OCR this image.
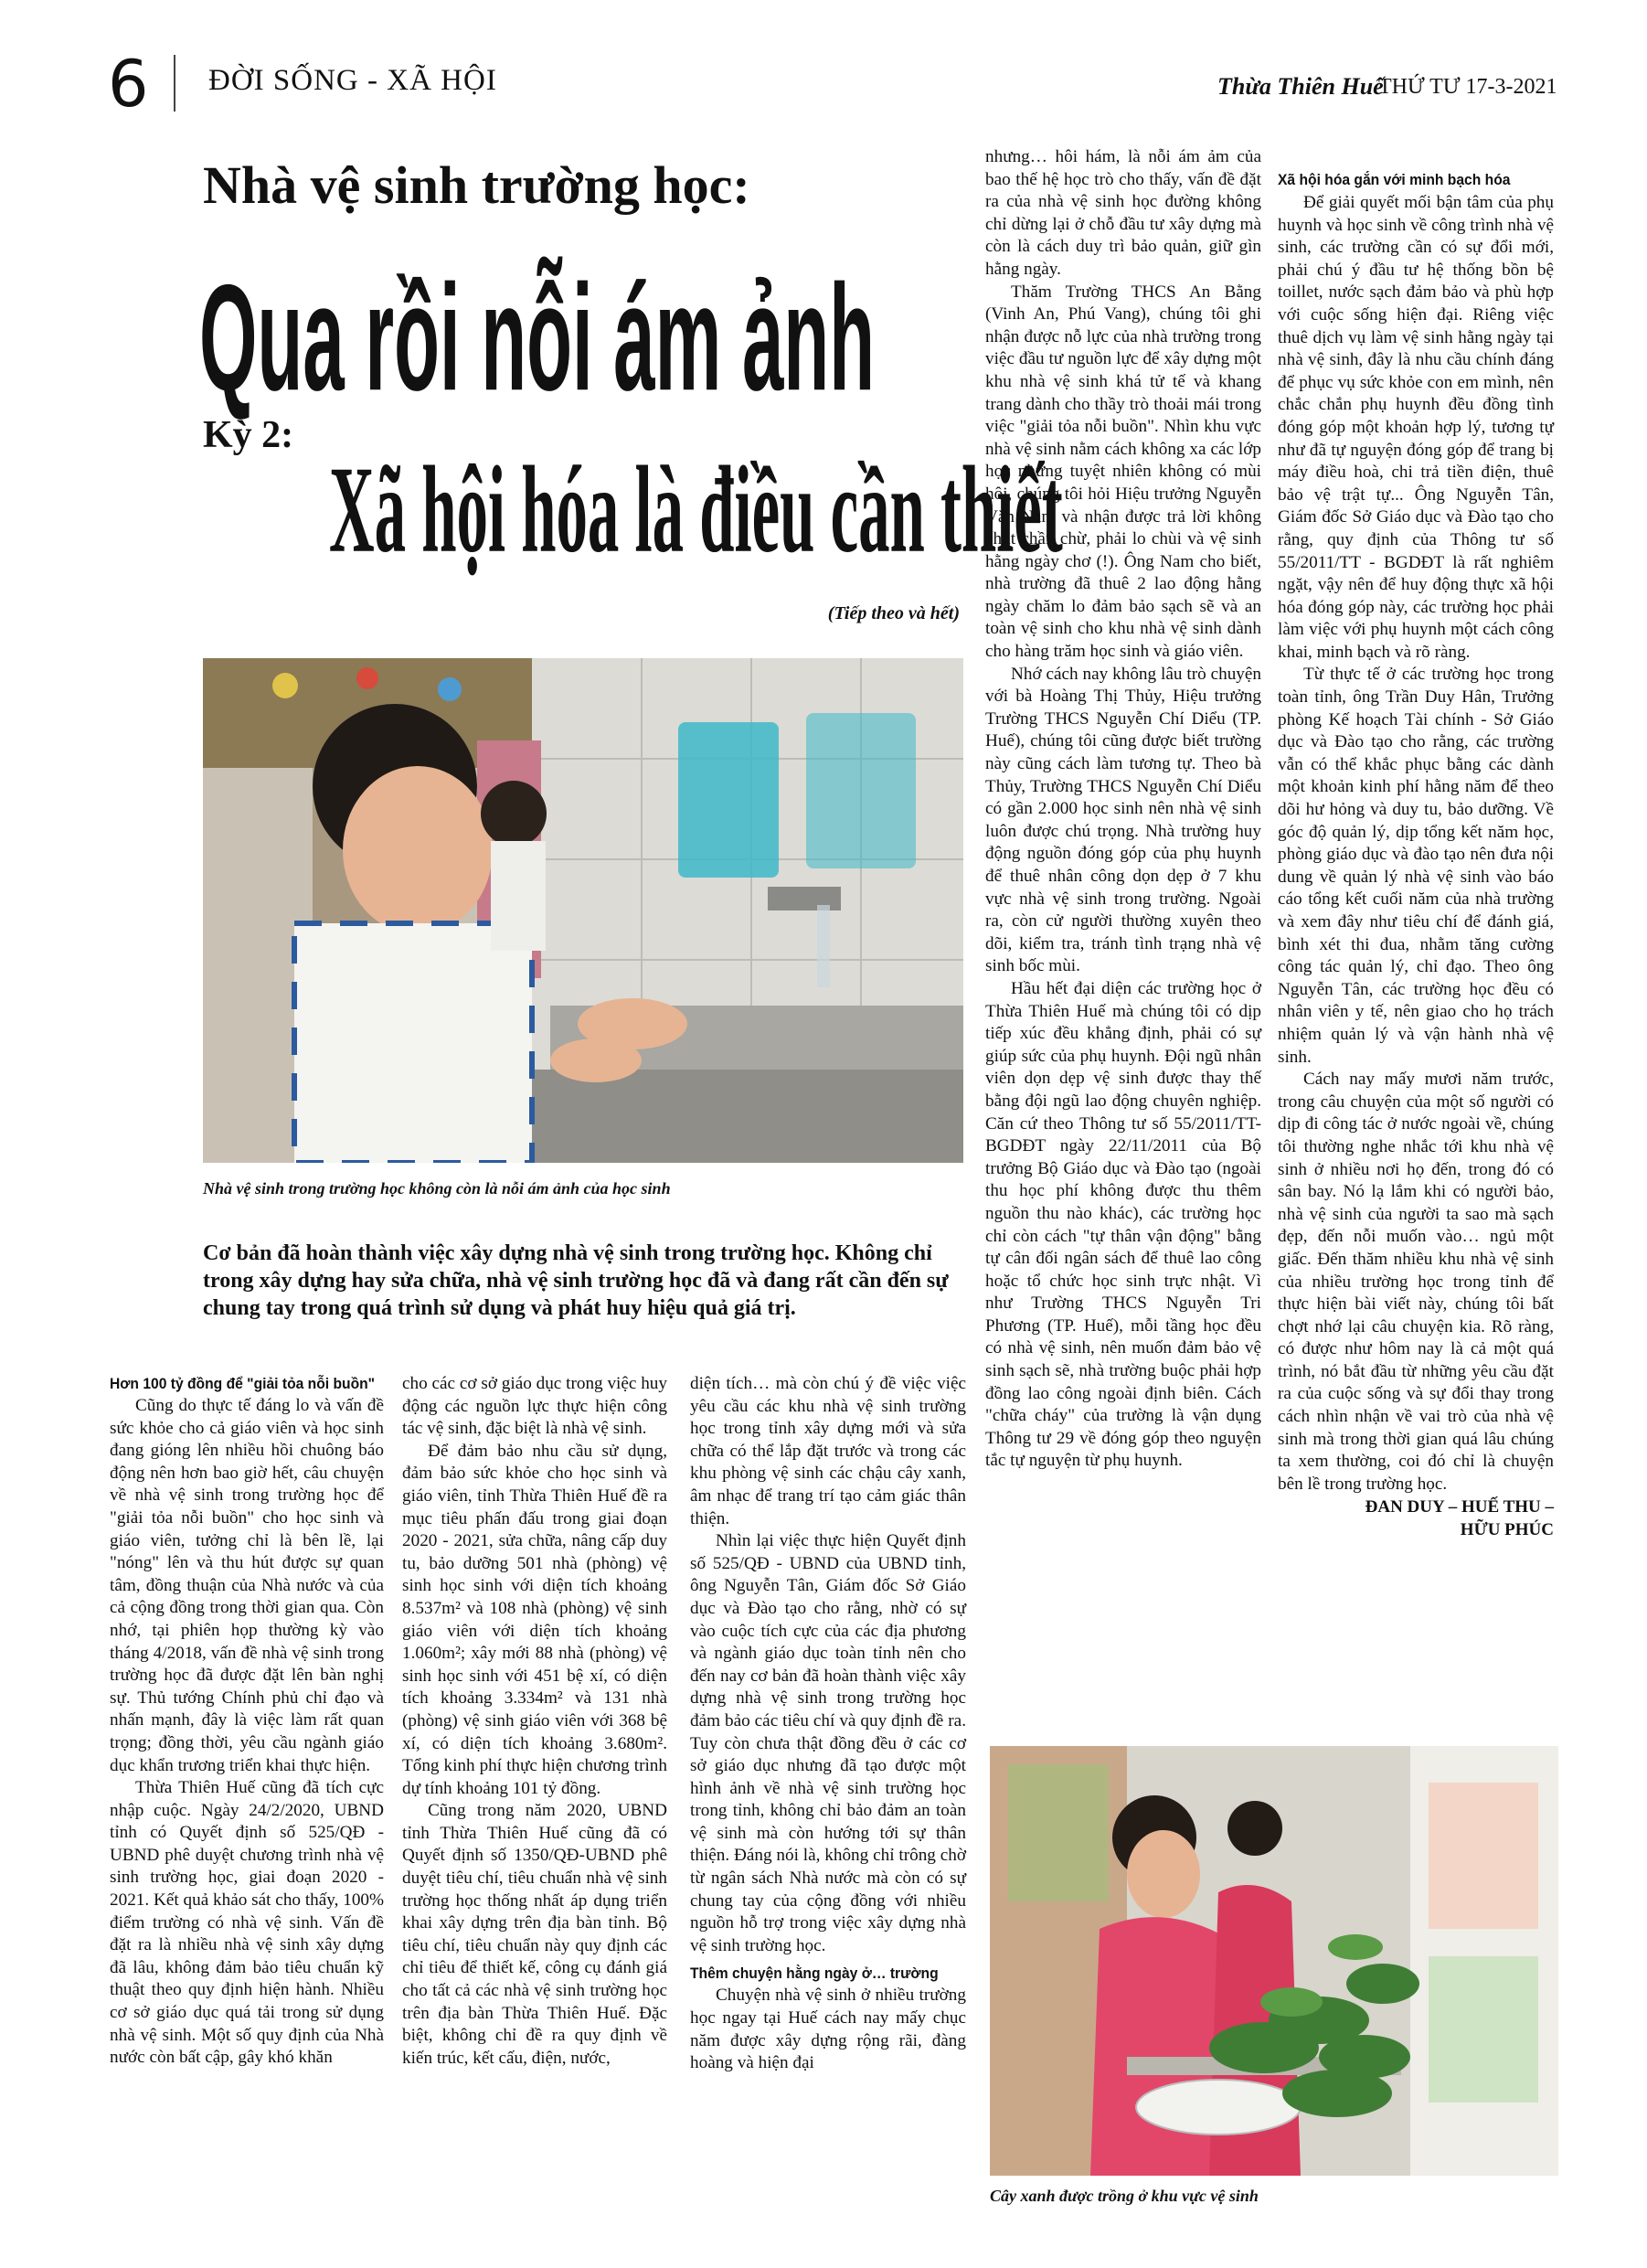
6 ĐỜI SỐNG - XÃ HỘI	Thừa Thiên Huế
THỨ TƯ 17-3-2021
Nhà vệ sinh trường học:
Qua rồi nỗi ám ảnh
Kỳ 2:
Xã hội hóa là điều cần thiết
(Tiếp theo và hết)
Nhà vệ sinh trong trường học không còn là nỗi ám ảnh của học sinh
Cơ bản đã hoàn thành việc xây dựng nhà vệ sinh trong trường học. Không chỉ trong xây dựng hay sửa chữa, nhà vệ sinh trường học đã và đang rất cần đến sự chung tay trong quá trình sử dụng và phát huy hiệu quả giá trị.
Hơn 100 tỷ đồng để "giải tỏa nỗi buồn"

Cũng do thực tế đáng lo và vấn đề sức khỏe cho cả giáo viên và học sinh đang gióng lên nhiều hồi chuông báo động nên hơn bao giờ hết, câu chuyện về nhà vệ sinh trong trường học để "giải tỏa nỗi buồn" cho học sinh và giáo viên, tưởng chỉ là bên lề, lại "nóng" lên và thu hút được sự quan tâm, đồng thuận của Nhà nước và của cả cộng đồng trong thời gian qua. Còn nhớ, tại phiên họp thường kỳ vào tháng 4/2018, vấn đề nhà vệ sinh trong trường học đã được đặt lên bàn nghị sự. Thủ tướng Chính phủ chỉ đạo và nhấn mạnh, đây là việc làm rất quan trọng; đồng thời, yêu cầu ngành giáo dục khẩn trương triển khai thực hiện.

Thừa Thiên Huế cũng đã tích cực nhập cuộc. Ngày 24/2/2020, UBND tỉnh có Quyết định số 525/QĐ - UBND phê duyệt chương trình nhà vệ sinh trường học, giai đoạn 2020 - 2021. Kết quả khảo sát cho thấy, 100% điểm trường có nhà vệ sinh. Vấn đề đặt ra là nhiều nhà vệ sinh xây dựng đã lâu, không đảm bảo tiêu chuẩn kỹ thuật theo quy định hiện hành. Nhiều cơ sở giáo dục quá tải trong sử dụng nhà vệ sinh. Một số quy định của Nhà nước còn bất cập, gây khó khăn

cho các cơ sở giáo dục trong việc huy động các nguồn lực thực hiện công tác vệ sinh, đặc biệt là nhà vệ sinh.

Để đảm bảo nhu cầu sử dụng, đảm bảo sức khỏe cho học sinh và giáo viên, tỉnh Thừa Thiên Huế đề ra mục tiêu phấn đấu trong giai đoạn 2020 - 2021, sửa chữa, nâng cấp duy tu, bảo dưỡng 501 nhà (phòng) vệ sinh học sinh với diện tích khoảng 8.537m² và 108 nhà (phòng) vệ sinh giáo viên với diện tích khoảng 1.060m²; xây mới 88 nhà (phòng) vệ sinh học sinh với 451 bệ xí, có diện tích khoảng 3.334m² và 131 nhà (phòng) vệ sinh giáo viên với 368 bệ xí, có diện tích khoảng 3.680m². Tổng kinh phí thực hiện chương trình dự tính khoảng 101 tỷ đồng.

Cũng trong năm 2020, UBND tỉnh Thừa Thiên Huế cũng đã có Quyết định số 1350/QĐ-UBND phê duyệt tiêu chí, tiêu chuẩn nhà vệ sinh trường học thống nhất áp dụng triển khai xây dựng trên địa bàn tỉnh. Bộ tiêu chí, tiêu chuẩn này quy định các chỉ tiêu để thiết kế, công cụ đánh giá cho tất cả các nhà vệ sinh trường học trên địa bàn Thừa Thiên Huế. Đặc biệt, không chỉ đề ra quy định về kiến trúc, kết cấu, điện, nước,

diện tích… mà còn chú ý đề việc việc yêu cầu các khu nhà vệ sinh trường học trong tỉnh xây dựng mới và sửa chữa có thể lắp đặt trước và trong các khu phòng vệ sinh các chậu cây xanh, âm nhạc để trang trí tạo cảm giác thân thiện.

Nhìn lại việc thực hiện Quyết định số 525/QĐ - UBND của UBND tỉnh, ông Nguyễn Tân, Giám đốc Sở Giáo dục và Đào tạo cho rằng, nhờ có sự vào cuộc tích cực của các địa phương và ngành giáo dục toàn tỉnh nên cho đến nay cơ bản đã hoàn thành việc xây dựng nhà vệ sinh trong trường học đảm bảo các tiêu chí và quy định đề ra. Tuy còn chưa thật đồng đều ở các cơ sở giáo dục nhưng đã tạo được một hình ảnh về nhà vệ sinh trường học trong tỉnh, không chỉ bảo đảm an toàn vệ sinh mà còn hướng tới sự thân thiện. Đáng nói là, không chỉ trông chờ từ ngân sách Nhà nước mà còn có sự chung tay của cộng đồng với nhiều nguồn hỗ trợ trong việc xây dựng nhà vệ sinh trường học.

Thêm chuyện hằng ngày ở… trường

Chuyện nhà vệ sinh ở nhiều trường học ngay tại Huế cách nay mấy chục năm được xây dựng rộng rãi, đàng hoàng và hiện đại

nhưng… hôi hám, là nỗi ám ảm của bao thế hệ học trò cho thấy, vấn đề đặt ra của nhà vệ sinh học đường không chỉ dừng lại ở chỗ đầu tư xây dựng mà còn là cách duy trì bảo quản, giữ gìn hằng ngày.

Thăm Trường THCS An Bằng (Vinh An, Phú Vang), chúng tôi ghi nhận được nỗ lực của nhà trường trong việc đầu tư nguồn lực để xây dựng một khu nhà vệ sinh khá tử tế và khang trang dành cho thầy trò thoải mái trong việc "giải tỏa nỗi buồn". Nhìn khu vực nhà vệ sinh nằm cách không xa các lớp học nhưng tuyệt nhiên không có mùi hôi, chúng tôi hỏi Hiệu trưởng Nguyễn Văn Nam và nhận được trả lời không chút chần chừ, phải lo chùi và vệ sinh hằng ngày chơ (!). Ông Nam cho biết, nhà trường đã thuê 2 lao động hằng ngày chăm lo đảm bảo sạch sẽ và an toàn vệ sinh cho khu nhà vệ sinh dành cho hàng trăm học sinh và giáo viên.

Nhớ cách nay không lâu trò chuyện với bà Hoàng Thị Thủy, Hiệu trưởng Trường THCS Nguyễn Chí Diểu (TP. Huế), chúng tôi cũng được biết trường này cũng cách làm tương tự. Theo bà Thủy, Trường THCS Nguyễn Chí Diểu có gần 2.000 học sinh nên nhà vệ sinh luôn được chú trọng. Nhà trường huy động nguồn đóng góp của phụ huynh để thuê nhân công dọn dẹp ở 7 khu vực nhà vệ sinh trong trường. Ngoài ra, còn cử người thường xuyên theo dõi, kiểm tra, tránh tình trạng nhà vệ sinh bốc mùi.

Hầu hết đại diện các trường học ở Thừa Thiên Huế mà chúng tôi có dịp tiếp xúc đều khẳng định, phải có sự giúp sức của phụ huynh. Đội ngũ nhân viên dọn dẹp vệ sinh được thay thế bằng đội ngũ lao động chuyên nghiệp. Căn cứ theo Thông tư số 55/2011/TT-BGDĐT ngày 22/11/2011 của Bộ trưởng Bộ Giáo dục và Đào tạo (ngoài thu học phí không được thu thêm nguồn thu nào khác), các trường học chỉ còn cách "tự thân vận động" bằng tự cân đối ngân sách để thuê lao công hoặc tổ chức học sinh trực nhật. Vì như Trường THCS Nguyễn Tri Phương (TP. Huế), mỗi tầng học đều có nhà vệ sinh, nên muốn đảm bảo vệ sinh sạch sẽ, nhà trường buộc phải hợp đồng lao công ngoài định biên. Cách "chữa cháy" của trường là vận dụng Thông tư 29 về đóng góp theo nguyện tắc tự nguyện từ phụ huynh.

Xã hội hóa gắn với minh bạch hóa

Để giải quyết mối bận tâm của phụ huynh và học sinh về công trình nhà vệ sinh, các trường cần có sự đổi mới, phải chú ý đầu tư hệ thống bồn bệ toillet, nước sạch đảm bảo và phù hợp với cuộc sống hiện đại. Riêng việc thuê dịch vụ làm vệ sinh hằng ngày tại nhà vệ sinh, đây là nhu cầu chính đáng để phục vụ sức khỏe con em mình, nên chắc chắn phụ huynh đều đồng tình đóng góp một khoản hợp lý, tương tự như đã tự nguyện đóng góp để trang bị máy điều hoà, chi trả tiền điện, thuê bảo vệ trật tự... Ông Nguyễn Tân, Giám đốc Sở Giáo dục và Đào tạo cho rằng, quy định của Thông tư số 55/2011/TT - BGDĐT là rất nghiêm ngặt, vậy nên để huy động thực xã hội hóa đóng góp này, các trường học phải làm việc với phụ huynh một cách công khai, minh bạch và rõ ràng.

Từ thực tế ở các trường học trong toàn tỉnh, ông Trần Duy Hân, Trưởng phòng Kế hoạch Tài chính - Sở Giáo dục và Đào tạo cho rằng, các trường vẫn có thể khắc phục bằng các dành một khoản kinh phí hằng năm để theo dõi hư hỏng và duy tu, bảo dưỡng. Về góc độ quản lý, dịp tổng kết năm học, phòng giáo dục và đào tạo nên đưa nội dung về quản lý nhà vệ sinh vào báo cáo tổng kết cuối năm của nhà trường và xem đây như tiêu chí để đánh giá, bình xét thi đua, nhằm tăng cường công tác quản lý, chỉ đạo. Theo ông Nguyễn Tân, các trường học đều có nhân viên y tế, nên giao cho họ trách nhiệm quản lý và vận hành nhà vệ sinh.

Cách nay mấy mươi năm trước, trong câu chuyện của một số người có dịp đi công tác ở nước ngoài về, chúng tôi thường nghe nhắc tới khu nhà vệ sinh ở nhiều nơi họ đến, trong đó có sân bay. Nó lạ lắm khi có người bảo, nhà vệ sinh của người ta sao mà sạch đẹp, đến nỗi muốn vào… ngủ một giấc. Đến thăm nhiều khu nhà vệ sinh của nhiều trường học trong tỉnh để thực hiện bài viết này, chúng tôi bất chợt nhớ lại câu chuyện kia. Rõ ràng, có được như hôm nay là cả một quá trình, nó bắt đầu từ những yêu cầu đặt ra của cuộc sống và sự đổi thay trong cách nhìn nhận về vai trò của nhà vệ sinh mà trong thời gian quá lâu chúng ta xem thường, coi đó chỉ là chuyện bên lề trong trường học.

ĐAN DUY – HUẾ THU –

HỮU PHÚC

Cây xanh được trồng ở khu vực vệ sinh
